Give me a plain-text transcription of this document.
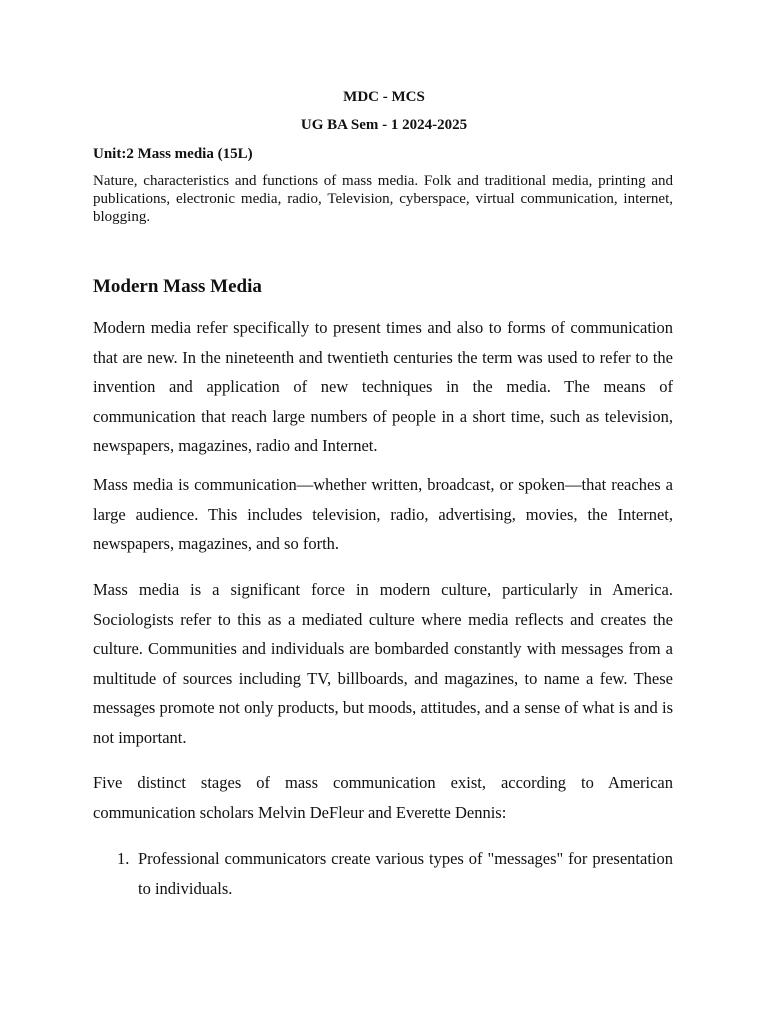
MDC - MCS
UG BA Sem - 1 2024-2025
Unit:2 Mass media (15L)
Nature, characteristics and functions of mass media. Folk and traditional media, printing and publications, electronic media, radio, Television, cyberspace, virtual communication, internet, blogging.
Modern Mass Media

Modern media refer specifically to present times and also to forms of communication that are new. In the nineteenth and twentieth centuries the term was used to refer to the invention and application of new techniques in the media. The means of communication that reach large numbers of people in a short time, such as television, newspapers, magazines, radio and Internet.

Mass media is communication—whether written, broadcast, or spoken—that reaches a large audience. This includes television, radio, advertising, movies, the Internet, newspapers, magazines, and so forth.

Mass media is a significant force in modern culture, particularly in America. Sociologists refer to this as a mediated culture where media reflects and creates the culture. Communities and individuals are bombarded constantly with messages from a multitude of sources including TV, billboards, and magazines, to name a few. These messages promote not only products, but moods, attitudes, and a sense of what is and is not important.

Five distinct stages of mass communication exist, according to American communication scholars Melvin DeFleur and Everette Dennis:

1. Professional communicators create various types of "messages" for presentation to individuals.
